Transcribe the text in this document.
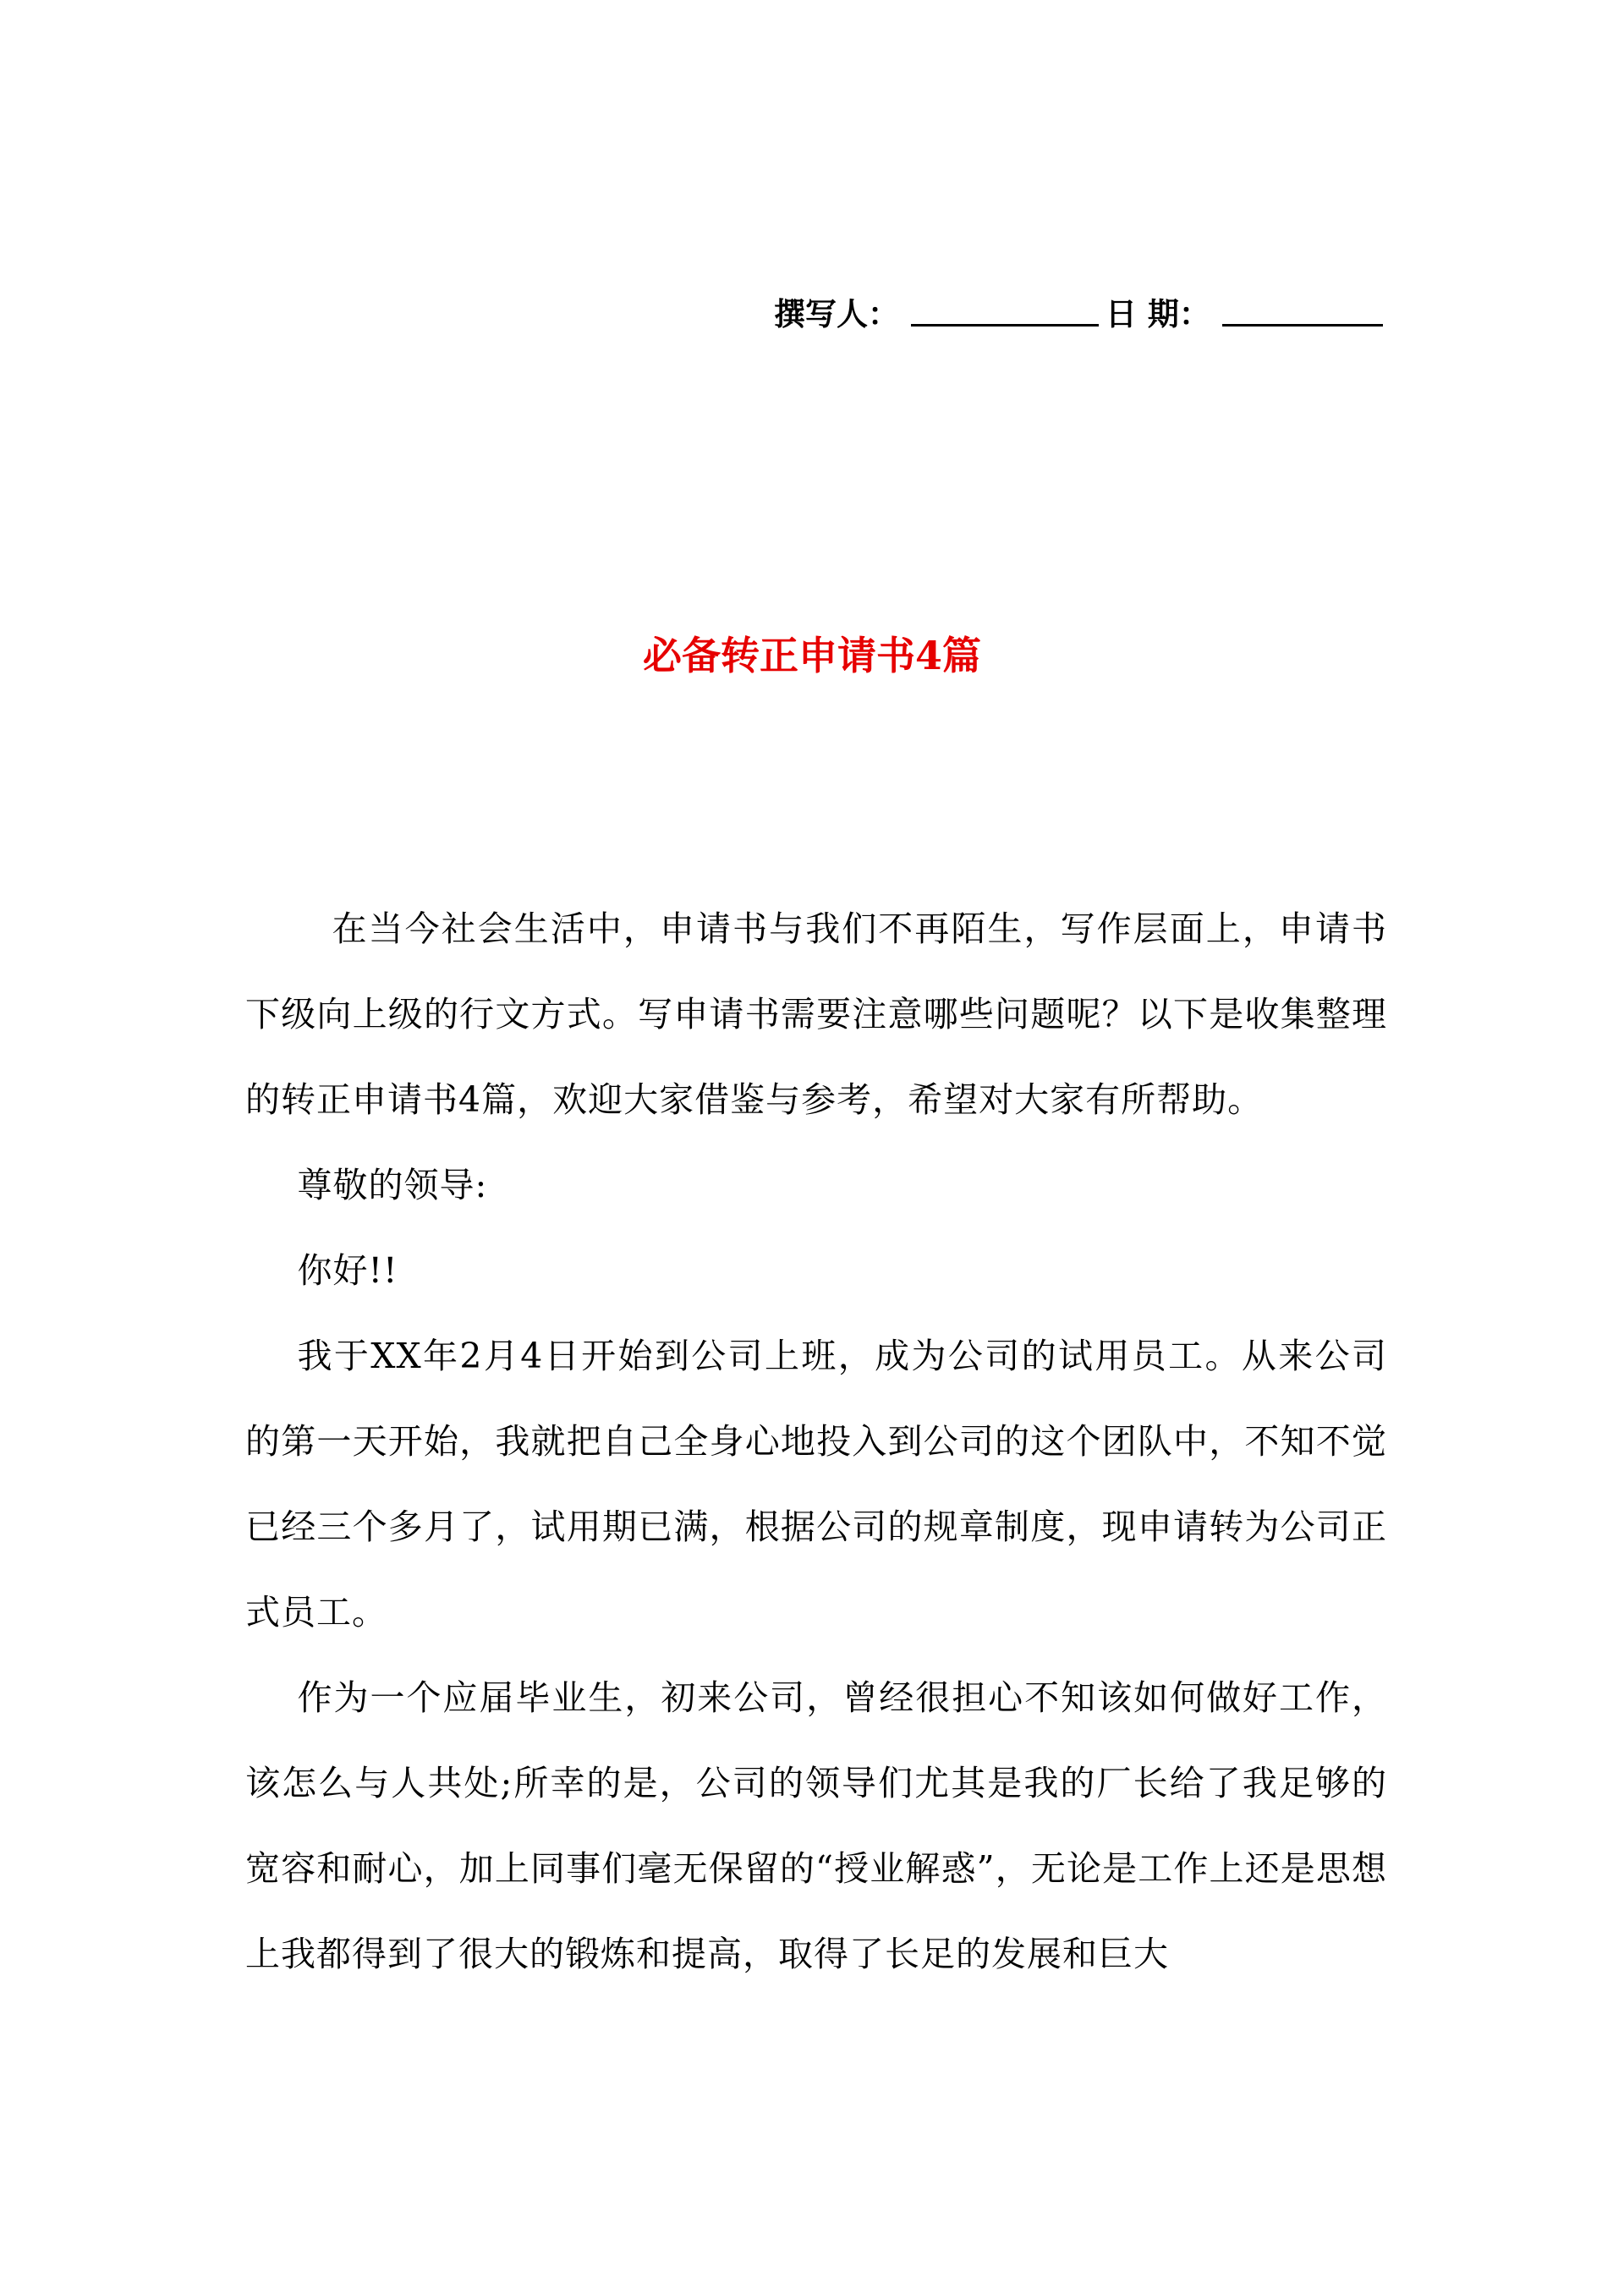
撰写人：	日 期：
必备转正申请书4篇

在当今社会生活中，申请书与我们不再陌生，写作层面上，申请书下级向上级的行文方式。写申请书需要注意哪些问题呢？以下是收集整理的转正申请书4篇，欢迎大家借鉴与参考，希望对大家有所帮助。

尊敬的领导:

你好!!

我于XX年2月4日开始到公司上班，成为公司的试用员工。从来公司的第一天开始，我就把自己全身心地投入到公司的这个团队中，不知不觉已经三个多月了，试用期已满，根据公司的规章制度，现申请转为公司正式员工。

作为一个应届毕业生，初来公司，曾经很担心不知该如何做好工作，该怎么与人共处;所幸的是，公司的领导们尤其是我的厂长给了我足够的宽容和耐心，加上同事们毫无保留的“授业解惑”，无论是工作上还是思想上我都得到了很大的锻炼和提高，取得了长足的发展和巨大
